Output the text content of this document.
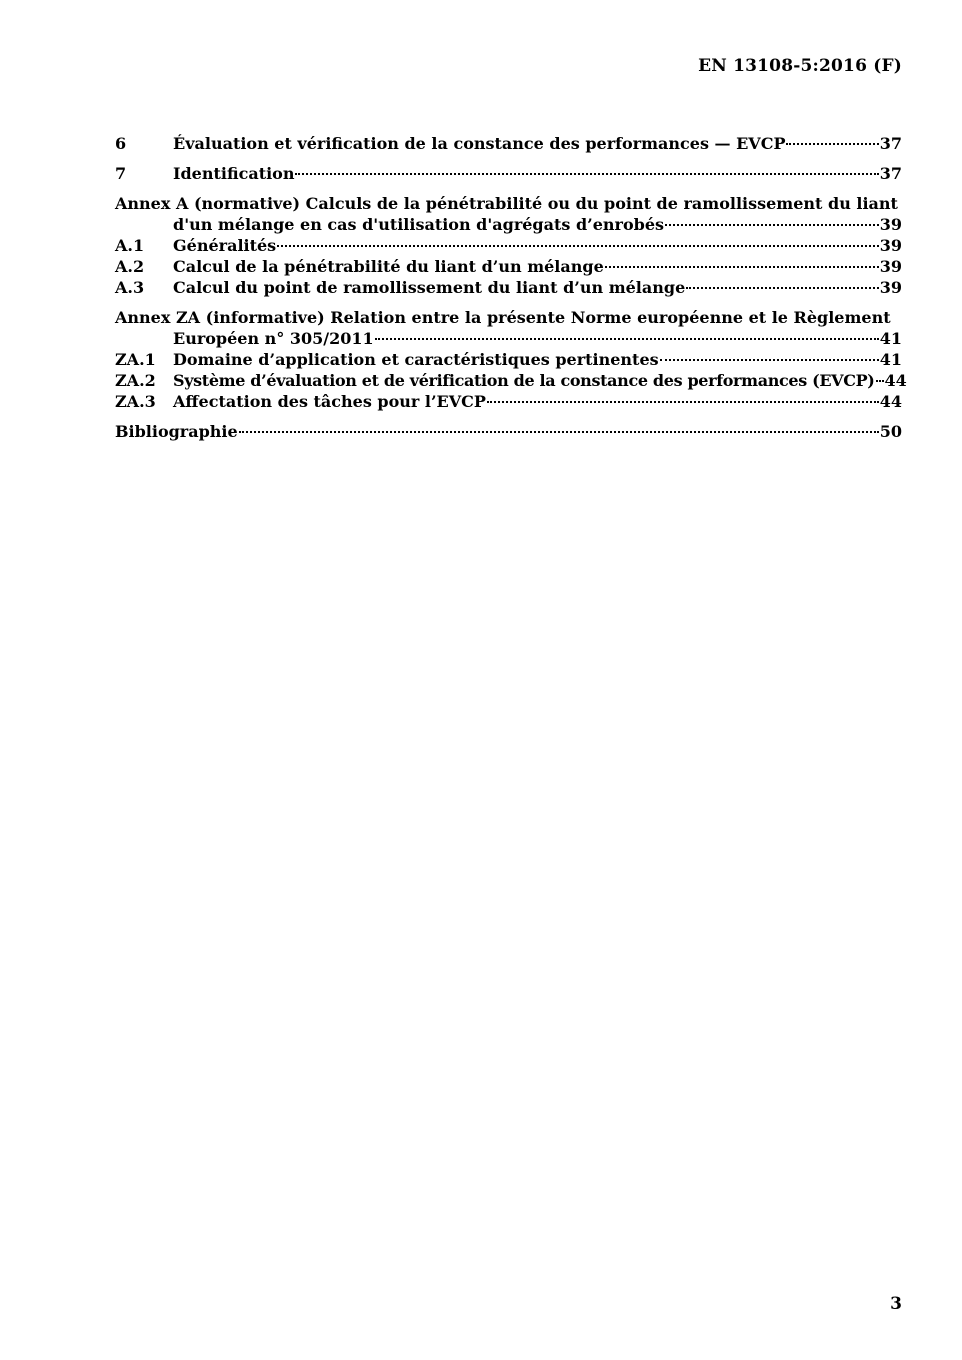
EN 13108-5:2016 (F)
6	Évaluation et vérification de la constance des performances — EVCP	37
7	Identification	37
Annex A (normative) Calculs de la pénétrabilité ou du point de ramollissement du liant
d'un mélange en cas d'utilisation d'agrégats d’enrobés	39
A.1	Généralités	39
A.2	Calcul de la pénétrabilité du liant d’un mélange	39
A.3	Calcul du point de ramollissement du liant d’un mélange	39
Annex ZA (informative) Relation entre la présente Norme européenne et le Règlement
Européen n° 305/2011	41
ZA.1	Domaine d’application et caractéristiques pertinentes	41
ZA.2	Système d’évaluation et de vérification de la constance des performances (EVCP) 44
ZA.3	Affectation des tâches pour l’EVCP	44
Bibliographie	50
3
